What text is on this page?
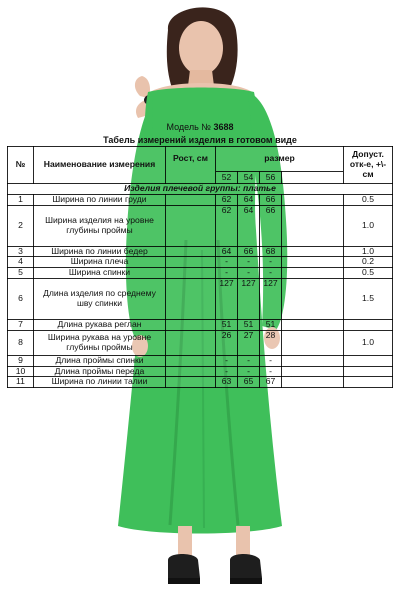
Модель № 3688
Табель измерений изделия в готовом виде
№	Наименование измерения	Рост, см	размер				Допуст. отк-е, +\-см
			52	54	56		
Изделия плечевой группы: платье							
1	Ширина по линии груди		62	64	66		0.5
2	Ширина изделия на уровне глубины проймы		62	64	66		1.0
3	Ширина по линии бедер		64	66	68		1.0
4	Ширина плеча		-	-	-		0.2
5	Ширина спинки		-	-	-		0.5
6	Длина изделия по среднему шву спинки		127	127	127		1.5
7	Длина рукава реглан		51	51	51		
8	Ширина рукава на уровне глубины проймы		26	27	28		1.0
9	Длина проймы спинки		-	-	-		
10	Длина проймы переда		-	-	-		
11	Ширина по линии талии		63	65	67		
